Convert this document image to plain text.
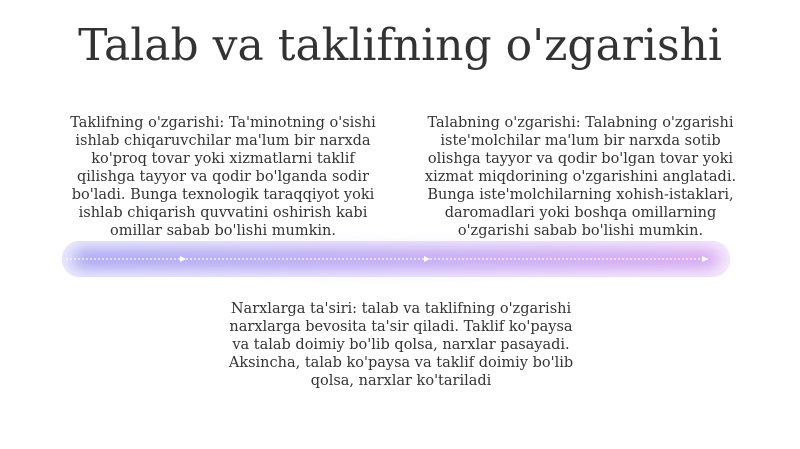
Talab va taklifning o'zgarishi

Taklifning o'zgarishi: Ta'minotning o'sishi ishlab chiqaruvchilar ma'lum bir narxda ko'proq tovar yoki xizmatlarni taklif qilishga tayyor va qodir bo'lganda sodir bo'ladi. Bunga texnologik taraqqiyot yoki ishlab chiqarish quvvatini oshirish kabi omillar sabab bo'lishi mumkin.

Talabning o'zgarishi: Talabning o'zgarishi iste'molchilar ma'lum bir narxda sotib olishga tayyor va qodir bo'lgan tovar yoki xizmat miqdorining o'zgarishini anglatadi. Bunga iste'molchilarning xohish-istaklari, daromadlari yoki boshqa omillarning o'zgarishi sabab bo'lishi mumkin.

Narxlarga ta'siri: talab va taklifning o'zgarishi narxlarga bevosita ta'sir qiladi. Taklif ko'paysa va talab doimiy bo'lib qolsa, narxlar pasayadi. Aksincha, talab ko'paysa va taklif doimiy bo'lib qolsa, narxlar ko'tariladi
